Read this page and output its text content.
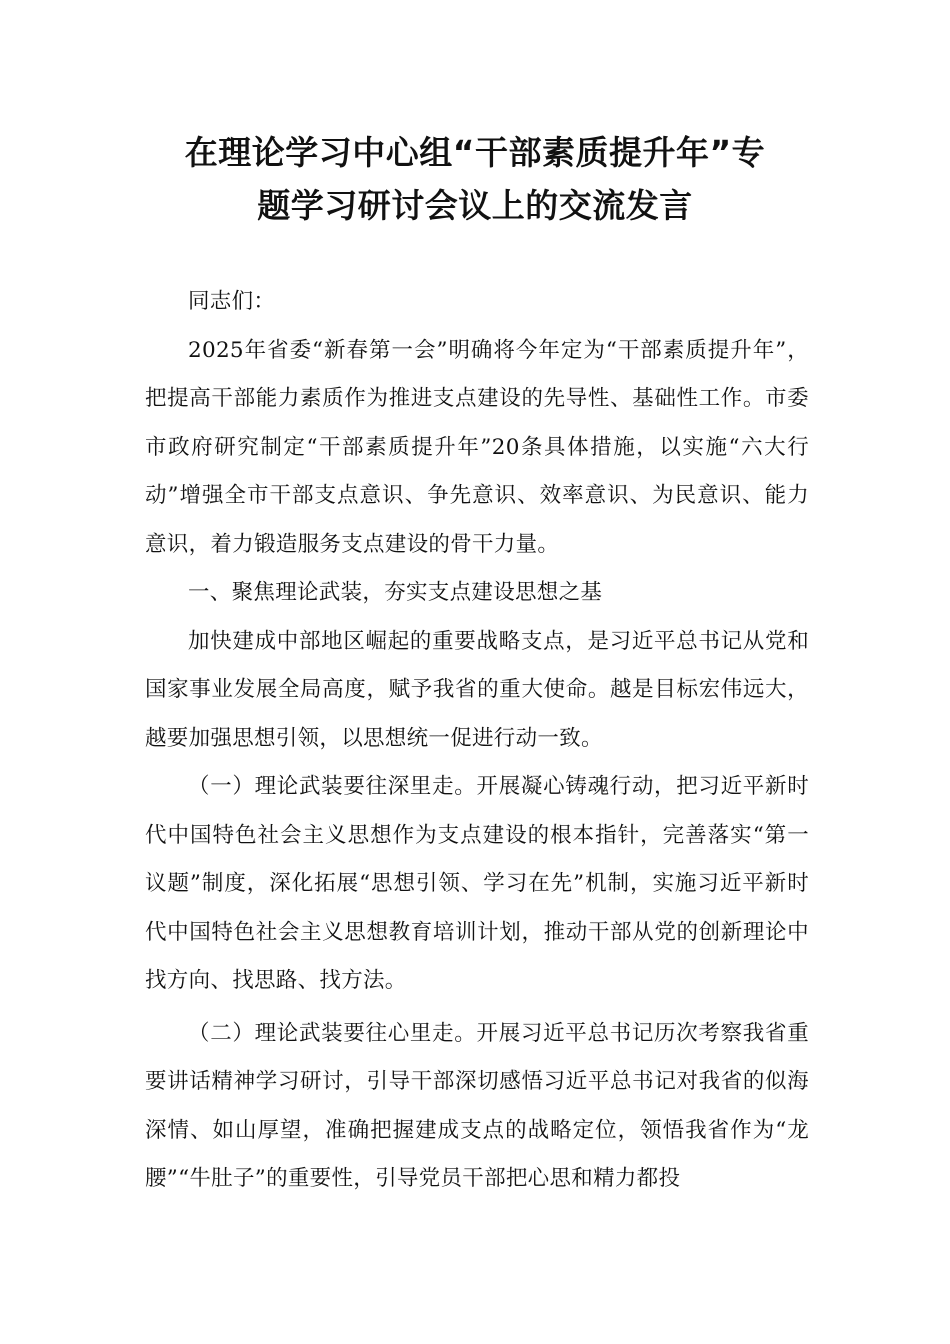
在理论学习中心组“干部素质提升年”专
题学习研讨会议上的交流发言

同志们：

2025年省委“新春第一会”明确将今年定为“干部素质提升年”，把提高干部能力素质作为推进支点建设的先导性、基础性工作。市委市政府研究制定“干部素质提升年”20条具体措施，以实施“六大行动”增强全市干部支点意识、争先意识、效率意识、为民意识、能力意识，着力锻造服务支点建设的骨干力量。

一、聚焦理论武装，夯实支点建设思想之基

加快建成中部地区崛起的重要战略支点，是习近平总书记从党和国家事业发展全局高度，赋予我省的重大使命。越是目标宏伟远大，越要加强思想引领，以思想统一促进行动一致。

（一）理论武装要往深里走。开展凝心铸魂行动，把习近平新时代中国特色社会主义思想作为支点建设的根本指针，完善落实“第一议题”制度，深化拓展“思想引领、学习在先”机制，实施习近平新时代中国特色社会主义思想教育培训计划，推动干部从党的创新理论中找方向、找思路、找方法。

（二）理论武装要往心里走。开展习近平总书记历次考察我省重要讲话精神学习研讨，引导干部深切感悟习近平总书记对我省的似海深情、如山厚望，准确把握建成支点的战略定位，领悟我省作为“龙腰”“牛肚子”的重要性，引导党员干部把心思和精力都投
